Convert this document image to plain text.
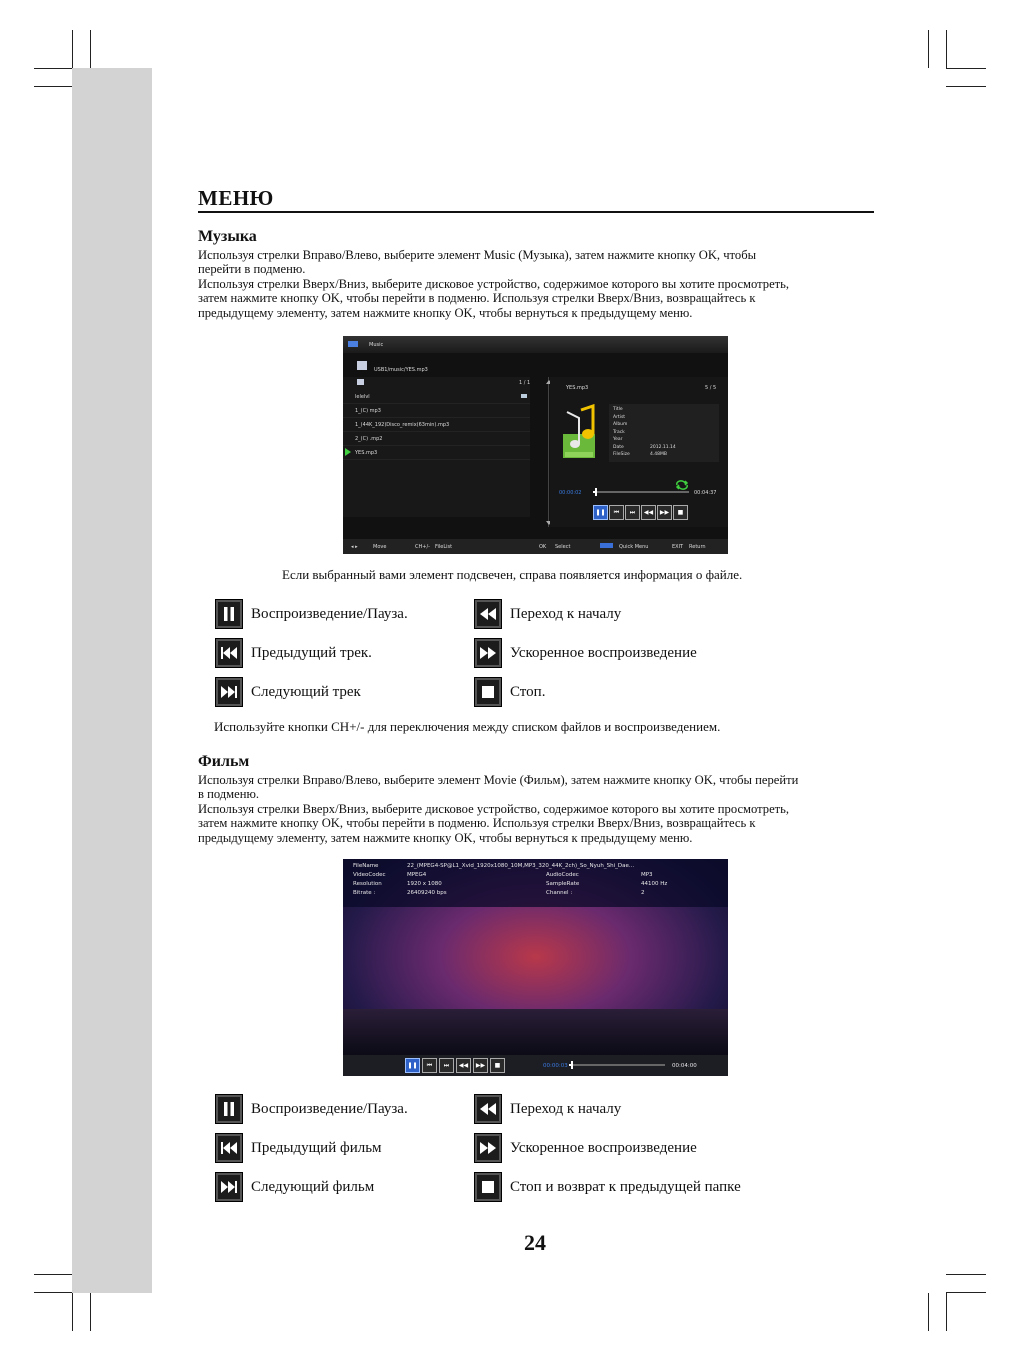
МЕНЮ
Музыка

Используя стрелки Вправо/Влево, выберите элемент Music (Музыка), затем нажмите кнопку OK, чтобы

перейти в подменю.

Используя стрелки Вверх/Вниз, выберите дисковое устройство, содержимое которого вы хотите просмотреть,

затем нажмите кнопку OK, чтобы перейти в подменю. Используя стрелки Вверх/Вниз, возвращайтесь к

предыдущему элементу, затем нажмите кнопку OK, чтобы вернуться к предыдущему меню.

Music
USB1/music/YES.mp3
1 / 1
lelelvl
1_(C) mp3
1_(44K_192)Disco_remix(63min).mp3
2_(C) .mp2
YES.mp3
YES.mp3	5 / 5
00:00:02	00:04:37
❚❚	⏮	⏭	◀◀	▶▶	■
◂ ▸	Move	CH+/- FileList	OK Select	Quick Menu	EXIT Return

Если выбранный вами элемент подсвечен, справа появляется информация о файле.

Воспроизведение/Пауза.	Переход к началу
Предыдущий трек.	Ускоренное воспроизведение
Следующий трек	Стоп.

Используйте кнопки CH+/- для переключения между списком файлов и воспроизведением.

Фильм

Используя стрелки Вправо/Влево, выберите элемент Movie (Фильм), затем нажмите кнопку OK, чтобы перейти

в подменю.

Используя стрелки Вверх/Вниз, выберите дисковое устройство, содержимое которого вы хотите просмотреть,

затем нажмите кнопку OK, чтобы перейти в подменю. Используя стрелки Вверх/Вниз, возвращайтесь к

предыдущему элементу, затем нажмите кнопку OK, чтобы вернуться к предыдущему меню.

FileName	22_(MPEG4-SP@L1_Xvid_1920x1080_10M,MP3_320_44K_2ch)_So_Nyuh_Shi_Dae...
VideoCodec	MPEG4
Resolution	1920 x 1080
Bitrate :	26409240 bps
AudioCodec	MP3
SampleRate	44100 Hz
Channel :	2
❚❚	⏮	⏭	◀◀	▶▶	■	00:00:03	00:04:00
Воспроизведение/Пауза.	Переход к началу
Предыдущий фильм	Ускоренное воспроизведение
Следующий фильм	Стоп и возврат к предыдущей папке
24
Title
Artist
Album
Track
Year
Date	2012.11.14
FileSize	4.48MB
